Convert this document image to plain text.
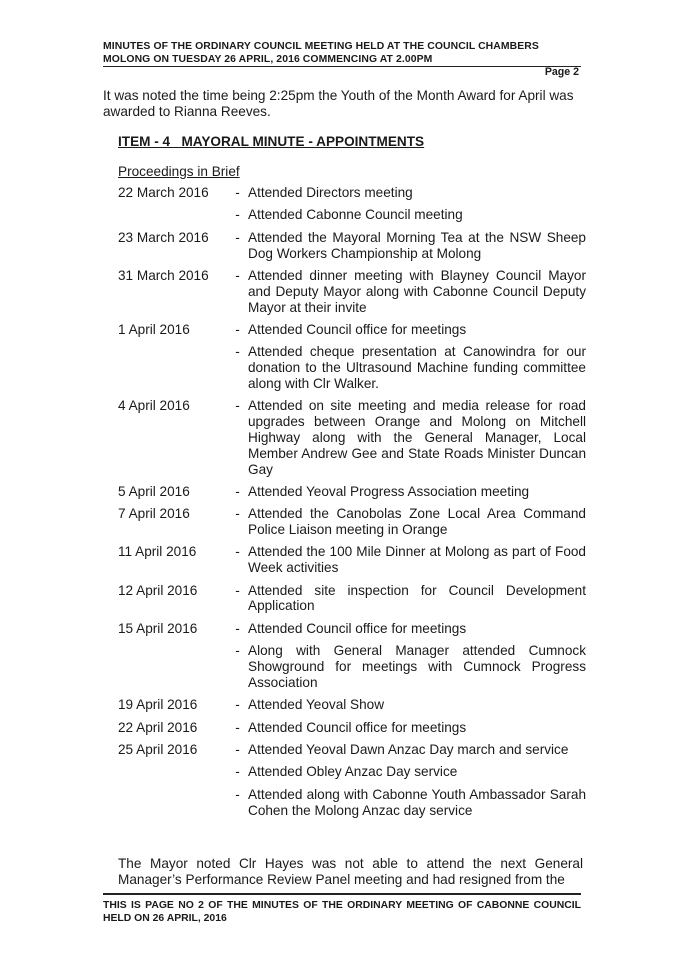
MINUTES OF THE ORDINARY COUNCIL MEETING HELD AT THE COUNCIL CHAMBERS
MOLONG ON TUESDAY 26 APRIL, 2016 COMMENCING AT 2.00PM
Page 2
It was noted the time being 2:25pm the Youth of the Month Award for April was awarded to Rianna Reeves.
ITEM - 4   MAYORAL MINUTE - APPOINTMENTS
Proceedings in Brief
22 March 2016	- Attended Directors meeting
- Attended Cabonne Council meeting
23 March 2016	- Attended the Mayoral Morning Tea at the NSW Sheep Dog Workers Championship at Molong
31 March 2016	- Attended dinner meeting with Blayney Council Mayor and Deputy Mayor along with Cabonne Council Deputy Mayor at their invite
1 April 2016	- Attended Council office for meetings
- Attended cheque presentation at Canowindra for our donation to the Ultrasound Machine funding committee along with Clr Walker.
4 April 2016	- Attended on site meeting and media release for road upgrades between Orange and Molong on Mitchell Highway along with the General Manager, Local Member Andrew Gee and State Roads Minister Duncan Gay
5 April 2016	- Attended Yeoval Progress Association meeting
7 April 2016	- Attended the Canobolas Zone Local Area Command Police Liaison meeting in Orange
11 April 2016	- Attended the 100 Mile Dinner at Molong as part of Food Week activities
12 April 2016	- Attended site inspection for Council Development Application
15 April 2016	- Attended Council office for meetings
- Along with General Manager attended Cumnock Showground for meetings with Cumnock Progress Association
19 April 2016	- Attended Yeoval Show
22 April 2016	- Attended Council office for meetings
25 April 2016	- Attended Yeoval Dawn Anzac Day march and service
- Attended Obley Anzac Day service
- Attended along with Cabonne Youth Ambassador Sarah Cohen the Molong Anzac day service
The Mayor noted Clr Hayes was not able to attend the next General Manager’s Performance Review Panel meeting and had resigned from the
THIS IS PAGE NO 2 OF THE MINUTES OF THE ORDINARY MEETING OF CABONNE COUNCIL HELD ON 26 APRIL, 2016
